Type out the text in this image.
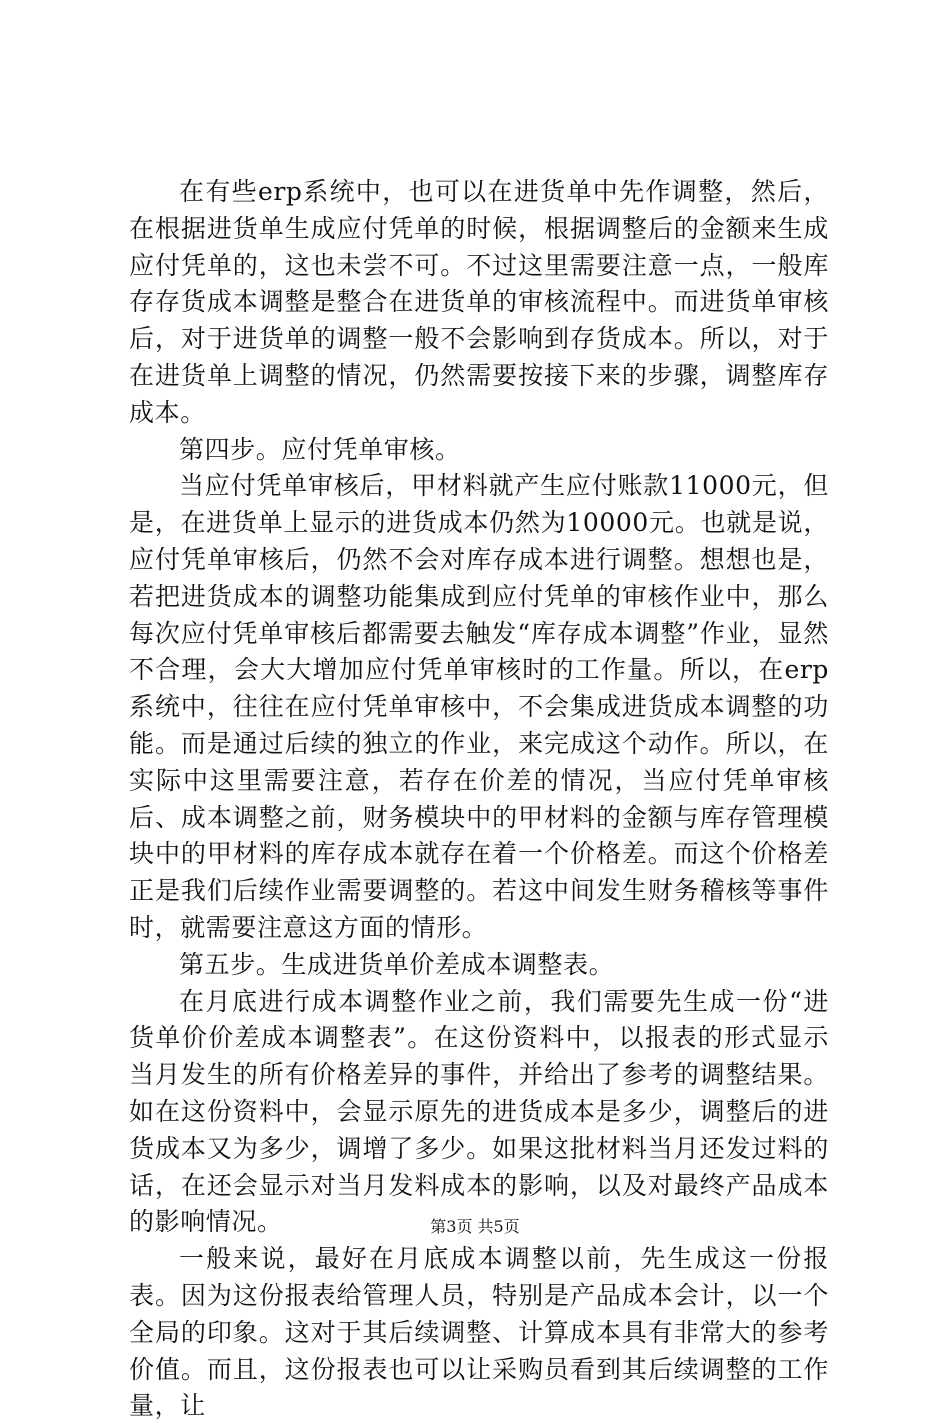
在有些erp系统中，也可以在进货单中先作调整，然后，在根据进货单生成应付凭单的时候，根据调整后的金额来生成应付凭单的，这也未尝不可。不过这里需要注意一点，一般库存存货成本调整是整合在进货单的审核流程中。而进货单审核后，对于进货单的调整一般不会影响到存货成本。所以，对于在进货单上调整的情况，仍然需要按接下来的步骤，调整库存成本。

第四步。应付凭单审核。

当应付凭单审核后，甲材料就产生应付账款11000元，但是，在进货单上显示的进货成本仍然为10000元。也就是说，应付凭单审核后，仍然不会对库存成本进行调整。想想也是，若把进货成本的调整功能集成到应付凭单的审核作业中，那么每次应付凭单审核后都需要去触发“库存成本调整”作业，显然不合理，会大大增加应付凭单审核时的工作量。所以，在erp系统中，往往在应付凭单审核中，不会集成进货成本调整的功能。而是通过后续的独立的作业，来完成这个动作。所以，在实际中这里需要注意，若存在价差的情况，当应付凭单审核后、成本调整之前，财务模块中的甲材料的金额与库存管理模块中的甲材料的库存成本就存在着一个价格差。而这个价格差正是我们后续作业需要调整的。若这中间发生财务稽核等事件时，就需要注意这方面的情形。

第五步。生成进货单价差成本调整表。

在月底进行成本调整作业之前，我们需要先生成一份“进货单价价差成本调整表”。在这份资料中，以报表的形式显示当月发生的所有价格差异的事件，并给出了参考的调整结果。如在这份资料中，会显示原先的进货成本是多少，调整后的进货成本又为多少，调增了多少。如果这批材料当月还发过料的话，在还会显示对当月发料成本的影响，以及对最终产品成本的影响情况。

一般来说，最好在月底成本调整以前，先生成这一份报表。因为这份报表给管理人员，特别是产品成本会计，以一个全局的印象。这对于其后续调整、计算成本具有非常大的参考价值。而且，这份报表也可以让采购员看到其后续调整的工作量，让

第3页 共5页
